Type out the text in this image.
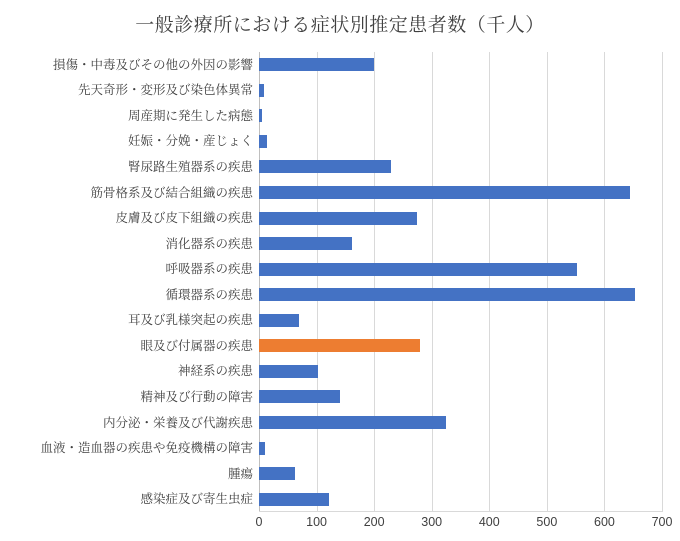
一般診療所における症状別推定患者数（千人）
損傷・中毒及びその他の外因の影響
先天奇形・変形及び染色体異常
周産期に発生した病態
妊娠・分娩・産じょく
腎尿路生殖器系の疾患
筋骨格系及び結合組織の疾患
皮膚及び皮下組織の疾患
消化器系の疾患
呼吸器系の疾患
循環器系の疾患
耳及び乳様突起の疾患
眼及び付属器の疾患
神経系の疾患
精神及び行動の障害
内分泌・栄養及び代謝疾患
血液・造血器の疾患や免疫機構の障害
腫瘍
感染症及び寄生虫症
0	100	200	300	400	500	600	700
